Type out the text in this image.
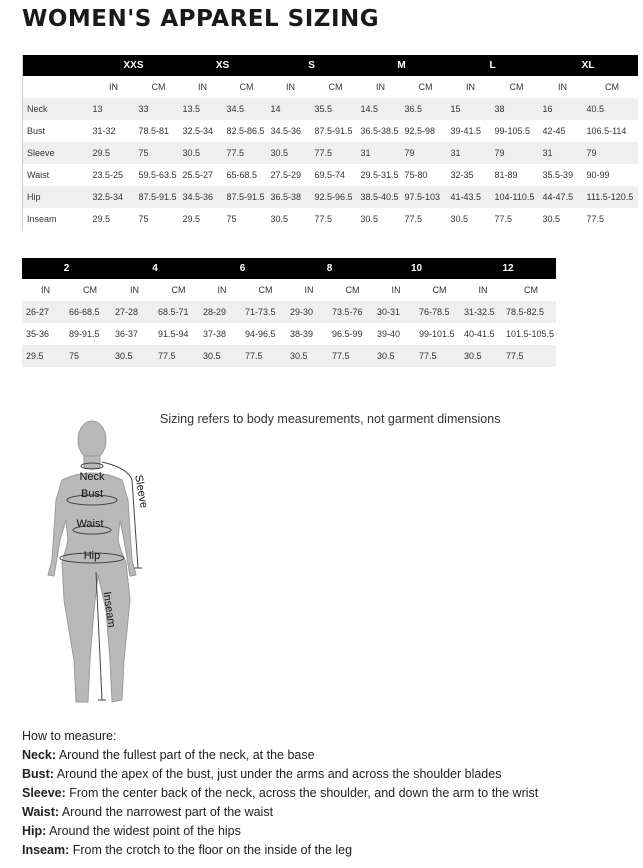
WOMEN'S APPAREL SIZING
	XXS		XS		S		M		L		XL	
	IN	CM	IN	CM	IN	CM	IN	CM	IN	CM	IN	CM
Neck	13	33	13.5	34.5	14	35.5	14.5	36.5	15	38	16	40.5
Bust	31-32	78.5-81	32.5-34	82.5-86.5	34.5-36	87.5-91.5	36.5-38.5	92.5-98	39-41.5	99-105.5	42-45	106.5-114
Sleeve	29.5	75	30.5	77.5	30.5	77.5	31	79	31	79	31	79
Waist	23.5-25	59.5-63.5	25.5-27	65-68.5	27.5-29	69.5-74	29.5-31.5	75-80	32-35	81-89	35.5-39	90-99
Hip	32.5-34	87.5-91.5	34.5-36	87.5-91.5	36.5-38	92.5-96.5	38.5-40.5	97.5-103	41-43.5	104-110.5	44-47.5	111.5-120.5
Inseam	29.5	75	29.5	75	30.5	77.5	30.5	77.5	30.5	77.5	30.5	77.5
2		4		6		8		10		12	
IN	CM	IN	CM	IN	CM	IN	CM	IN	CM	IN	CM
26-27	66-68.5	27-28	68.5-71	28-29	71-73.5	29-30	73.5-76	30-31	76-78.5	31-32.5	78.5-82.5
35-36	89-91.5	36-37	91.5-94	37-38	94-96.5	38-39	96.5-99	39-40	99-101.5	40-41.5	101.5-105.5
29.5	75	30.5	77.5	30.5	77.5	30.5	77.5	30.5	77.5	30.5	77.5
Sizing refers to body measurements, not garment dimensions
Neck
Bust
Waist
Hip
Sleeve
Inseam
How to measure:
Neck: Around the fullest part of the neck, at the base
Bust: Around the apex of the bust, just under the arms and across the shoulder blades
Sleeve: From the center back of the neck, across the shoulder, and down the arm to the wrist
Waist: Around the narrowest part of the waist
Hip: Around the widest point of the hips
Inseam: From the crotch to the floor on the inside of the leg
